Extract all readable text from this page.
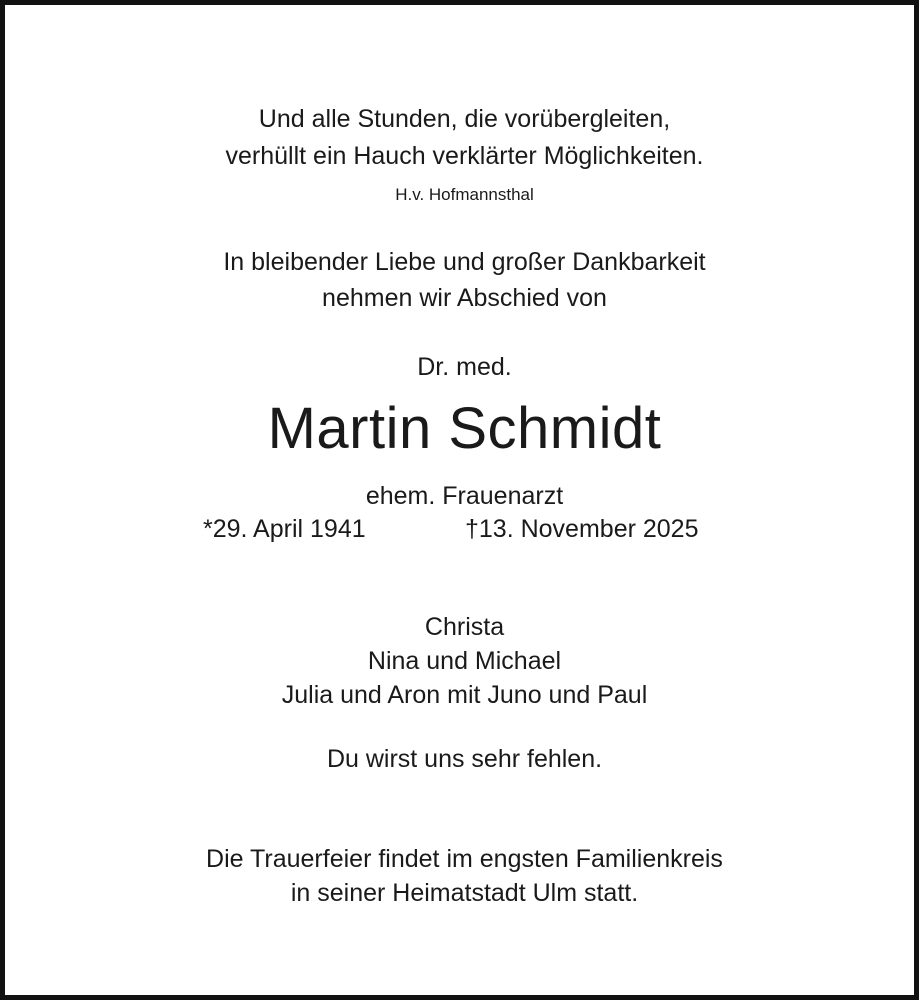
Und alle Stunden, die vorübergleiten,
verhüllt ein Hauch verklärter Möglichkeiten.
H.v. Hofmannsthal
In bleibender Liebe und großer Dankbarkeit
nehmen wir Abschied von
Dr. med.
Martin Schmidt
ehem. Frauenarzt
*29. April 1941	†13. November 2025
Christa
Nina und Michael
Julia und Aron mit Juno und Paul
Du wirst uns sehr fehlen.
Die Trauerfeier findet im engsten Familienkreis
in seiner Heimatstadt Ulm statt.
